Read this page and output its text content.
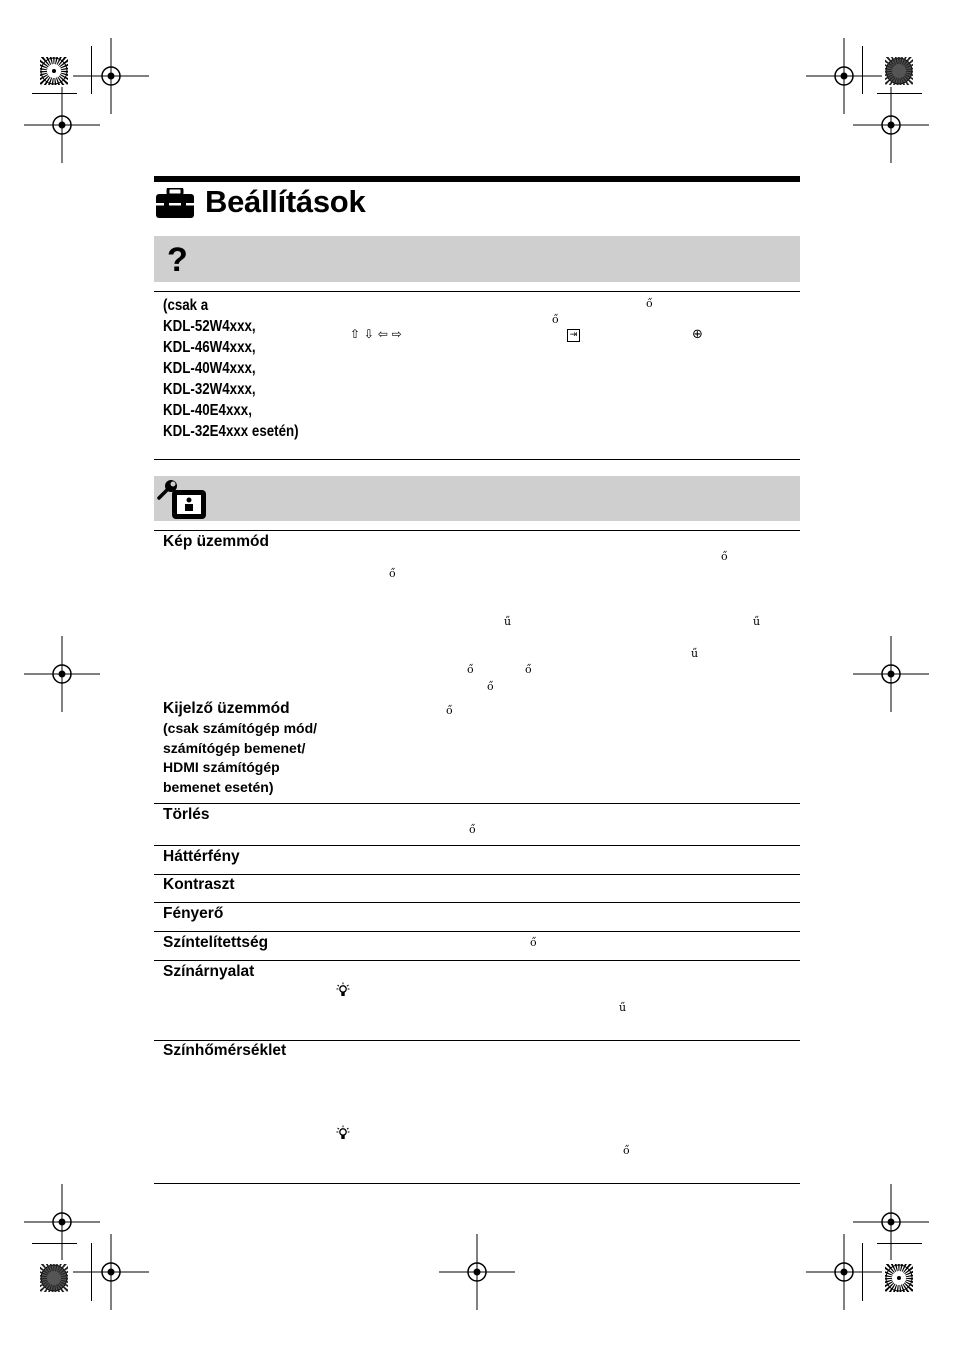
Beállítások
?
(csak a
KDL-52W4xxx,
KDL-46W4xxx,
KDL-40W4xxx,
KDL-32W4xxx,
KDL-40E4xxx,
KDL-32E4xxx esetén)
ő
ő
⇧ ⇩ ⇦ ⇨	⇥	⊕
Kép üzemmód
ő
ő
ű	ű
ű
ő	ő
ő
Kijelző üzemmód
(csak számítógép mód/
számítógép bemenet/
HDMI számítógép
bemenet esetén)
ő
Törlés
ő
Háttérfény
Kontraszt
Fényerő
Színtelítettség	ő
Színárnyalat
ű
Színhőmérséklet
ő
